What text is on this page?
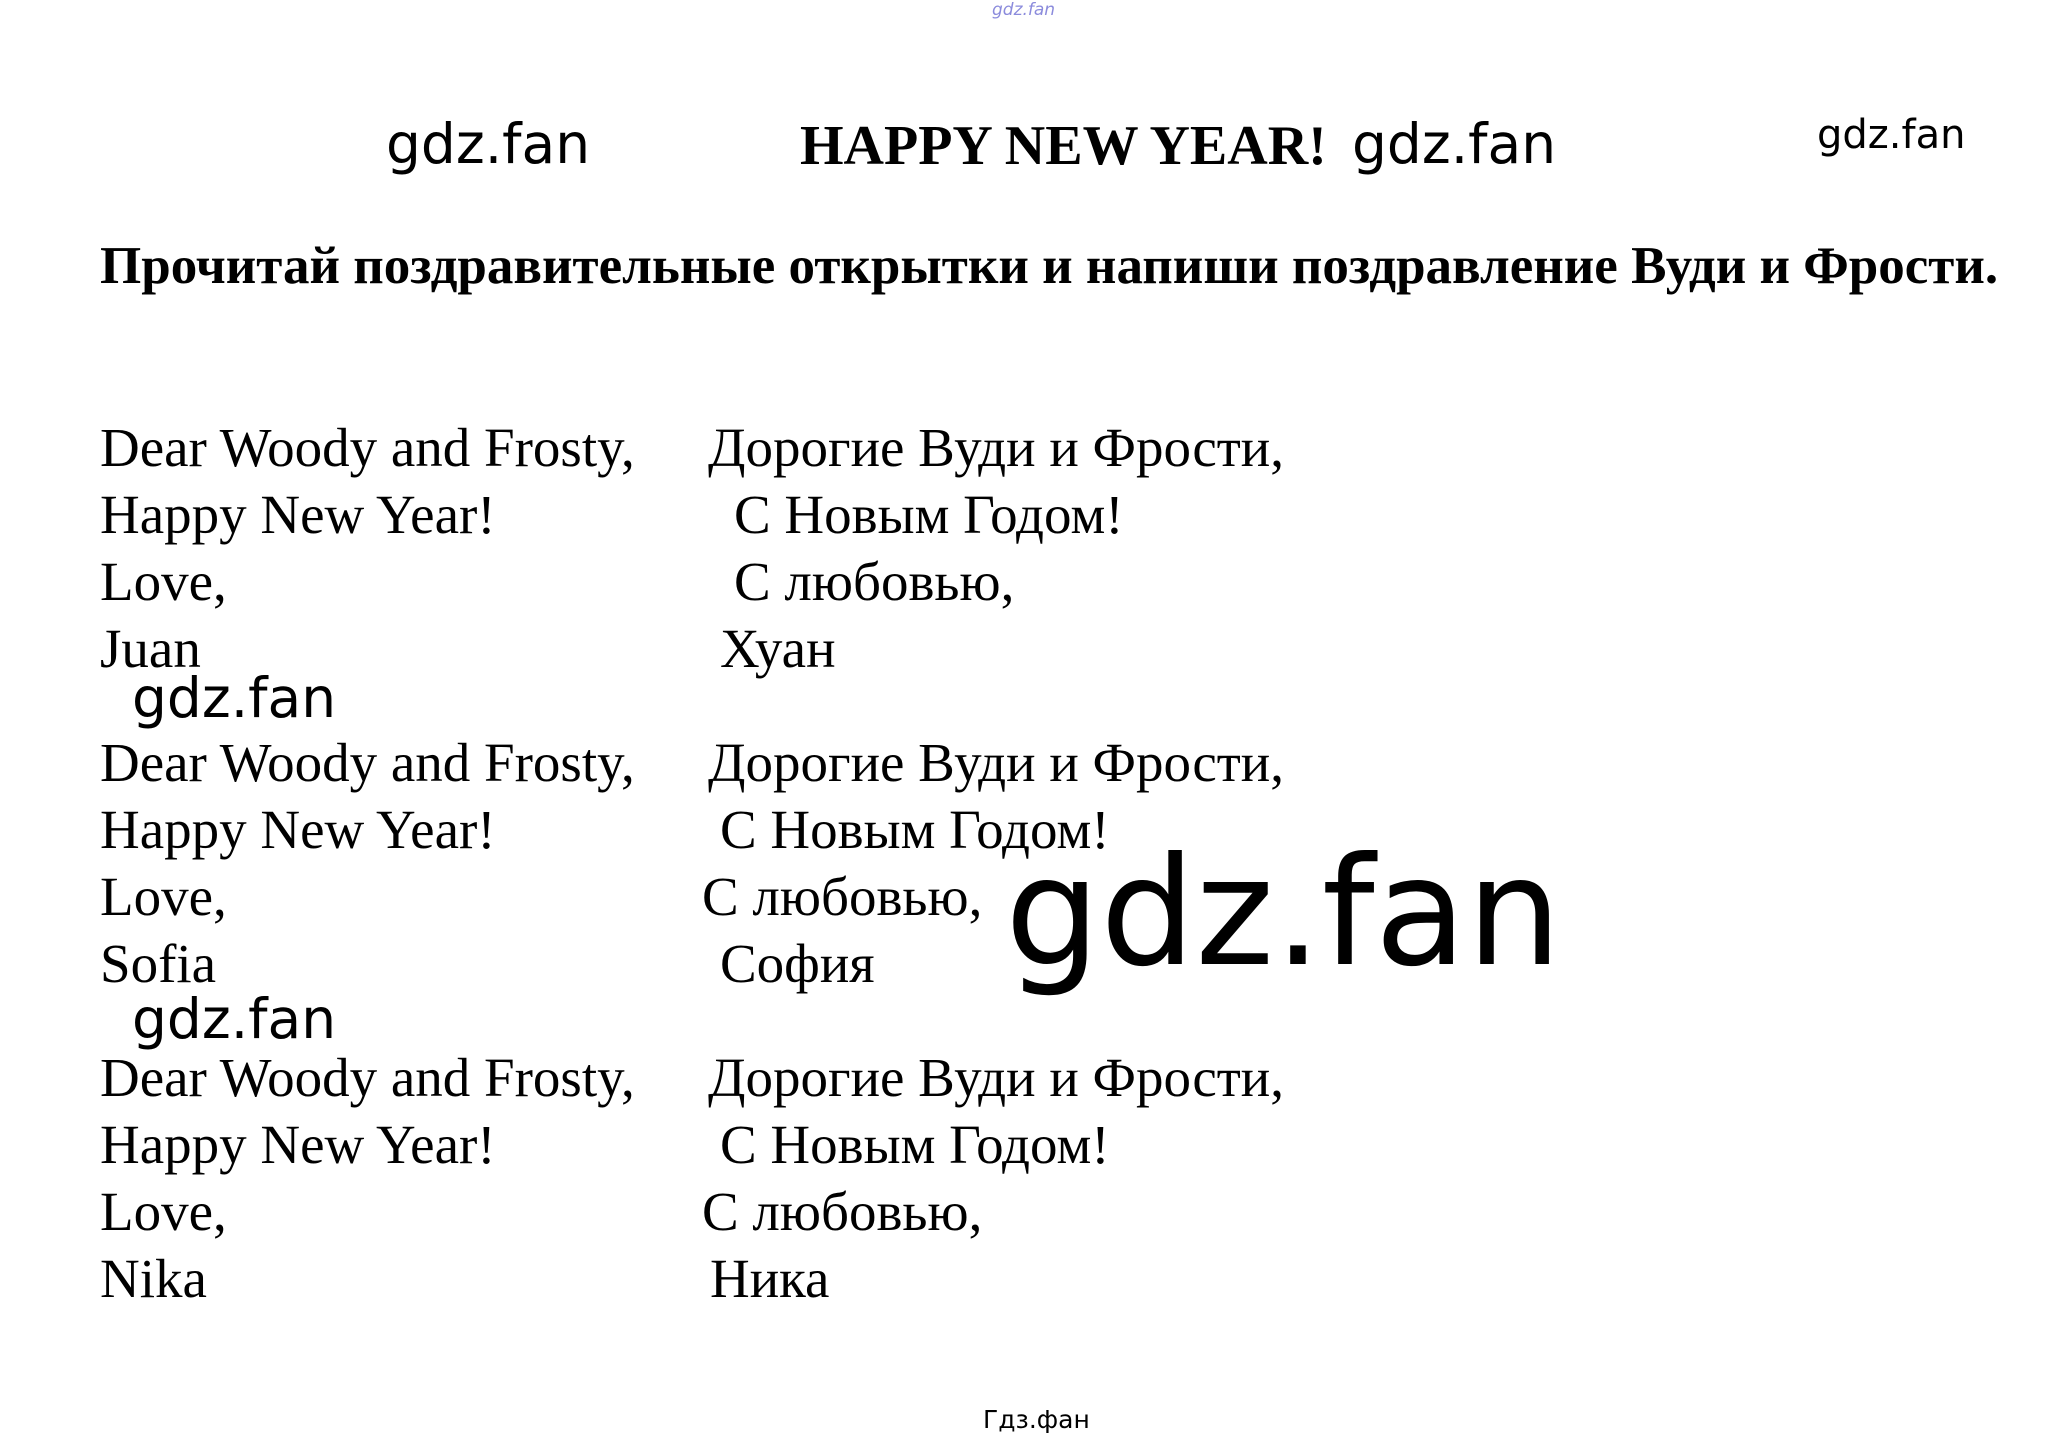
gdz.fan
gdz.fan	gdz.fan	gdz.fan
gdz.fan
gdz.fan
gdz.fan
Гдз.фан
HAPPY NEW YEAR!
Прочитай поздравительные открытки и напиши поздравление Вуди и Фрости.
Dear Woody and Frosty,
Happy New Year!
Love,
Juan
Дорогие Вуди и Фрости,
С Новым Годом!
С любовью,
Хуан
Dear Woody and Frosty,
Happy New Year!
Love,
Sofia
Дорогие Вуди и Фрости,
С Новым Годом!
С любовью,
София
Dear Woody and Frosty,
Happy New Year!
Love,
Nika
Дорогие Вуди и Фрости,
С Новым Годом!
С любовью,
Ника
